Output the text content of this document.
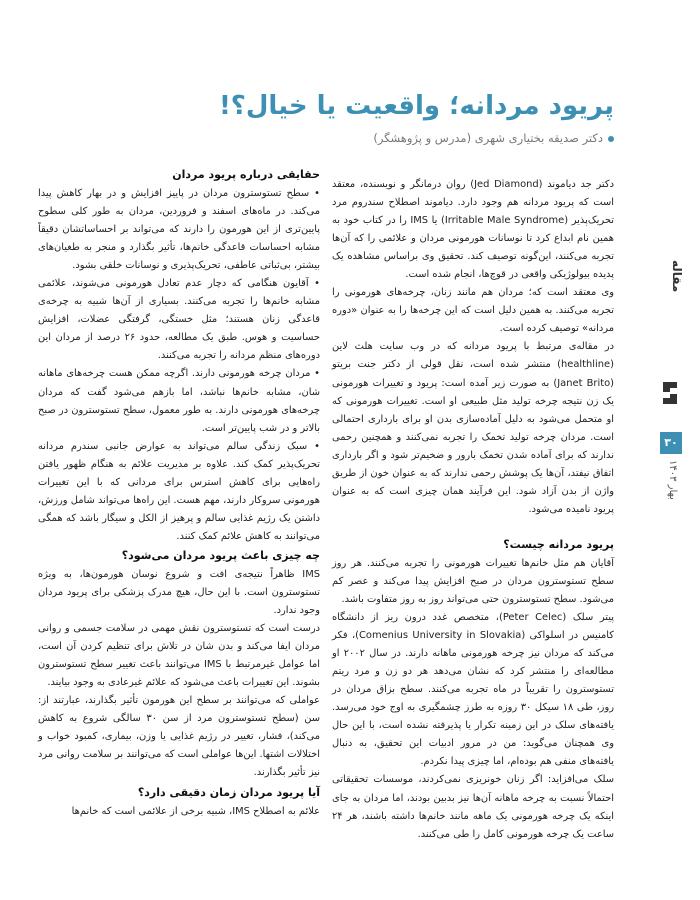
پریود مردانه؛ واقعیت یا خیال؟!
دکتر صدیقه بختیاری شهری (مدرس و پژوهشگر)

دکتر جد دیاموند (Jed Diamond) روان درمانگر و نویسنده، معتقد است که پریود مردانه هم وجود دارد. دیاموند اصطلاح سندروم مرد تحریک‌پذیر (Irritable Male Syndrome) یا IMS را در کتاب خود به همین نام ابداع کرد تا نوسانات هورمونی مردان و علائمی را که آن‌ها تجربه می‌کنند، این‌گونه توصیف کند. تحقیق وی براساس مشاهده یک پدیده بیولوژیکی واقعی در قوچ‌ها، انجام شده است.

وی معتقد است که؛ مردان هم مانند زنان، چرخه‌های هورمونی را تجربه می‌کنند. به همین دلیل است که این چرخه‌ها را به عنوان «دوره مردانه» توصیف کرده است.

در مقاله‌ی مرتبط با پریود مردانه که در وب سایت هلث لاین (healthline) منتشر شده است، نقل قولی از دکتر جنت بریتو (Janet Brito) به صورت زیر آمده است: پریود و تغییرات هورمونی یک زن نتیجه چرخه تولید مثل طبیعی او است. تغییرات هورمونی که او متحمل می‌شود به دلیل آماده‌سازی بدن او برای بارداری احتمالی است. مردان چرخه تولید تخمک را تجربه نمی‌کنند و همچنین رحمی ندارند که برای آماده شدن تخمک بارور و ضخیم‌تر شود و اگر بارداری اتفاق نیفتد، آن‌ها یک پوشش رحمی ندارند که به عنوان خون از طریق واژن از بدن آزاد شود. این فرآیند همان چیزی است که به عنوان پریود نامیده می‌شود.

پریود مردانه چیست؟

آقایان هم مثل خانم‌ها تغییرات هورمونی را تجربه می‌کنند. هر روز سطح تستوسترون مردان در صبح افزایش پیدا می‌کند و عصر کم می‌شود. سطح تستوسترون حتی می‌تواند روز به روز متفاوت باشد.

پیتر سلک (Peter Celec)، متخصص غدد درون ریز از دانشگاه کامنیس در اسلواکی (Comenius University in Slovakia)، فکر می‌کند که مردان نیز چرخه هورمونی ماهانه دارند. در سال ۲۰۰۲ او مطالعه‌ای را منتشر کرد که نشان می‌دهد هر دو زن و مرد ریتم تستوسترون را تقریباً در ماه تجربه می‌کنند. سطح بزاق مردان در روز، طی ۱۸ سیکل ۳۰ روزه به طرز چشمگیری به اوج خود می‌رسد. یافته‌های سلک در این زمینه تکرار یا پذیرفته نشده است، با این حال وی همچنان می‌گوید: من در مرور ادبیات این تحقیق، به دنبال یافته‌های منفی هم بوده‌ام، اما چیزی پیدا نکردم.

سلک می‌افزاید: اگر زنان خونریزی نمی‌کردند، موسسات تحقیقاتی احتمالاً نسبت به چرخه ماهانه آن‌ها نیز بدبین بودند، اما مردان به جای اینکه یک چرخه هورمونی یک ماهه مانند خانم‌ها داشته باشند، هر ۲۴ ساعت یک چرخه هورمونی کامل را طی می‌کنند.

حقایقی درباره پریود مردان

• سطح تستوسترون مردان در پاییز افزایش و در بهار کاهش پیدا می‌کند. در ماه‌های اسفند و فروردین، مردان به طور کلی سطوح پایین‌تری از این هورمون را دارند که می‌تواند بر احساساتشان دقیقاً مشابه احساسات قاعدگی خانم‌ها، تأثیر بگذارد و منجر به طغیان‌های بیشتر، بی‌ثباتی عاطفی، تحریک‌پذیری و نوسانات خلقی بشود.

• آقایون هنگامی که دچار عدم تعادل هورمونی می‌شوند، علائمی مشابه خانم‌ها را تجربه می‌کنند. بسیاری از آن‌ها شبیه به چرخه‌ی قاعدگی زنان هستند؛ مثل خستگی، گرفتگی عضلات، افزایش حساسیت و هوس. طبق یک مطالعه، حدود ۲۶ درصد از مردان این دوره‌های منظم مردانه را تجربه می‌کنند.

• مردان چرخه هورمونی دارند. اگرچه ممکن هست چرخه‌های ماهانه شان، مشابه خانم‌ها نباشد، اما بازهم می‌شود گفت که مردان چرخه‌های هورمونی دارند. به طور معمول، سطح تستوسترون در صبح بالاتر و در شب پایین‌تر است.

• سبک زندگی سالم می‌تواند به عوارض جانبی سندرم مردانه تحریک‌پذیر کمک کند. علاوه بر مدیریت علائم به هنگام ظهور یافتن راه‌هایی برای کاهش استرس برای مردانی که با این تغییرات هورمونی سروکار دارند، مهم هست. این راه‌ها می‌تواند شامل ورزش، داشتن یک رژیم غذایی سالم و پرهیز از الکل و سیگار باشد که همگی می‌توانند به کاهش علائم کمک کنند.

چه چیزی باعث پریود مردان می‌شود؟

IMS ظاهراً نتیجه‌ی افت و شروع نوسان هورمون‌ها، به ویژه تستوسترون است. با این حال، هیچ مدرک پزشکی برای پریود مردان وجود ندارد.

درست است که تستوسترون نقش مهمی در سلامت جسمی و روانی مردان ایفا می‌کند و بدن شان در تلاش برای تنظیم کردن آن است، اما عوامل غیرمرتبط با IMS می‌توانند باعث تغییر سطح تستوسترون بشوند. این تغییرات باعث می‌شود که علائم غیرعادی به وجود بیایند.

عواملی که می‌توانند بر سطح این هورمون تأثیر بگذارند، عبارتند از: سن (سطح تستوسترون مرد از سن ۳۰ سالگی شروع به کاهش می‌کند)، فشار، تغییر در رژیم غذایی یا وزن، بیماری، کمبود خواب و اختلالات اشتها. این‌ها عواملی است که می‌توانند بر سلامت روانی مرد نیز تأثیر بگذارند.

آیا پریود مردان زمان دقیقی دارد؟

علائم به اصطلاح IMS، شبیه برخی از علائمی است که خانم‌ها

مقاله
۳۰
بهار ۱۴۰۳
